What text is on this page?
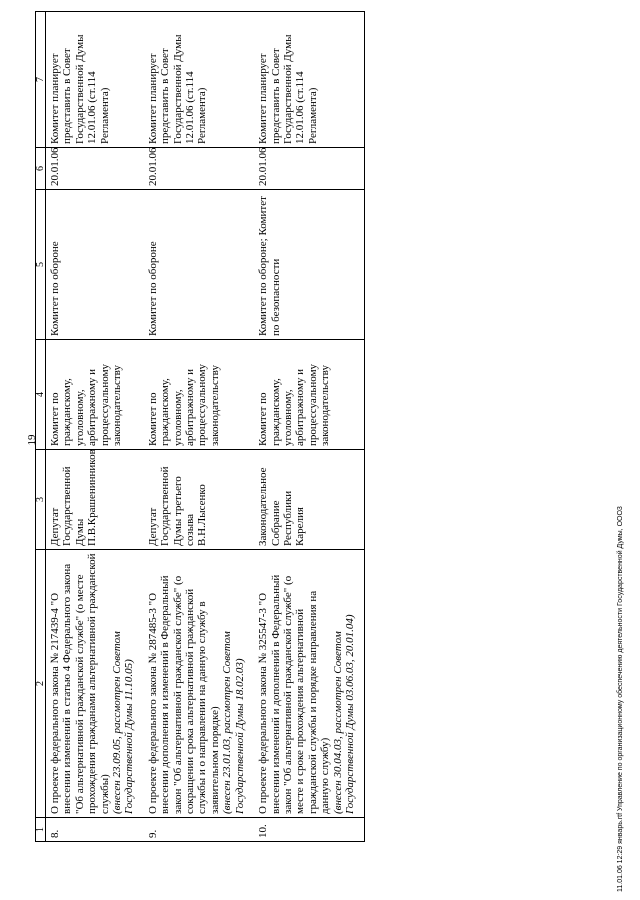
19
1	2	3	4	5	6	7
8.	О проекте федерального закона № 217439-4 "О внесении изменений в статью 4 Федерального закона "Об альтернативной гражданской службе" (о месте прохождения гражданами альтернативной гражданской службы) (внесен 23.09.05, рассмотрен Советом Государственной Думы 11.10.05)	Депутат Государственной Думы П.В.Крашенинников	Комитет по гражданскому, уголовному, арбитражному и процессуальному законодательству	Комитет по обороне	20.01.06	Комитет планирует представить в Совет Государственной Думы 12.01.06 (ст.114 Регламента)
9.	О проекте федерального закона № 287485-3 "О внесении дополнения и изменений в Федеральный закон "Об альтернативной гражданской службе" (о сокращении срока альтернативной гражданской службы и о направлении на данную службу в заявительном порядке) (внесен 23.01.03, рассмотрен Советом Государственной Думы 18.02.03)	Депутат Государственной Думы третьего созыва В.Н.Лысенко	Комитет по гражданскому, уголовному, арбитражному и процессуальному законодательству	Комитет по обороне	20.01.06	Комитет планирует представить в Совет Государственной Думы 12.01.06 (ст.114 Регламента)
10.	О проекте федерального закона № 325547-3 "О внесении изменений и дополнений в Федеральный закон "Об альтернативной гражданской службе" (о месте и сроке прохождения альтернативной гражданской службы и порядке направления на данную службу) (внесен 30.04.03, рассмотрен Советом Государственной Думы 03.06.03, 20.01.04)	Законодательное Собрание Республики Карелия	Комитет по гражданскому, уголовному, арбитражному и процессуальному законодательству	Комитет по обороне; Комитет по безопасности	20.01.06	Комитет планирует представить в Совет Государственной Думы 12.01.06 (ст.114 Регламента)
11.01.06 12:29 январь.rtf Управление по организационному обеспечению деятельности Государственной Думы, ООО3
